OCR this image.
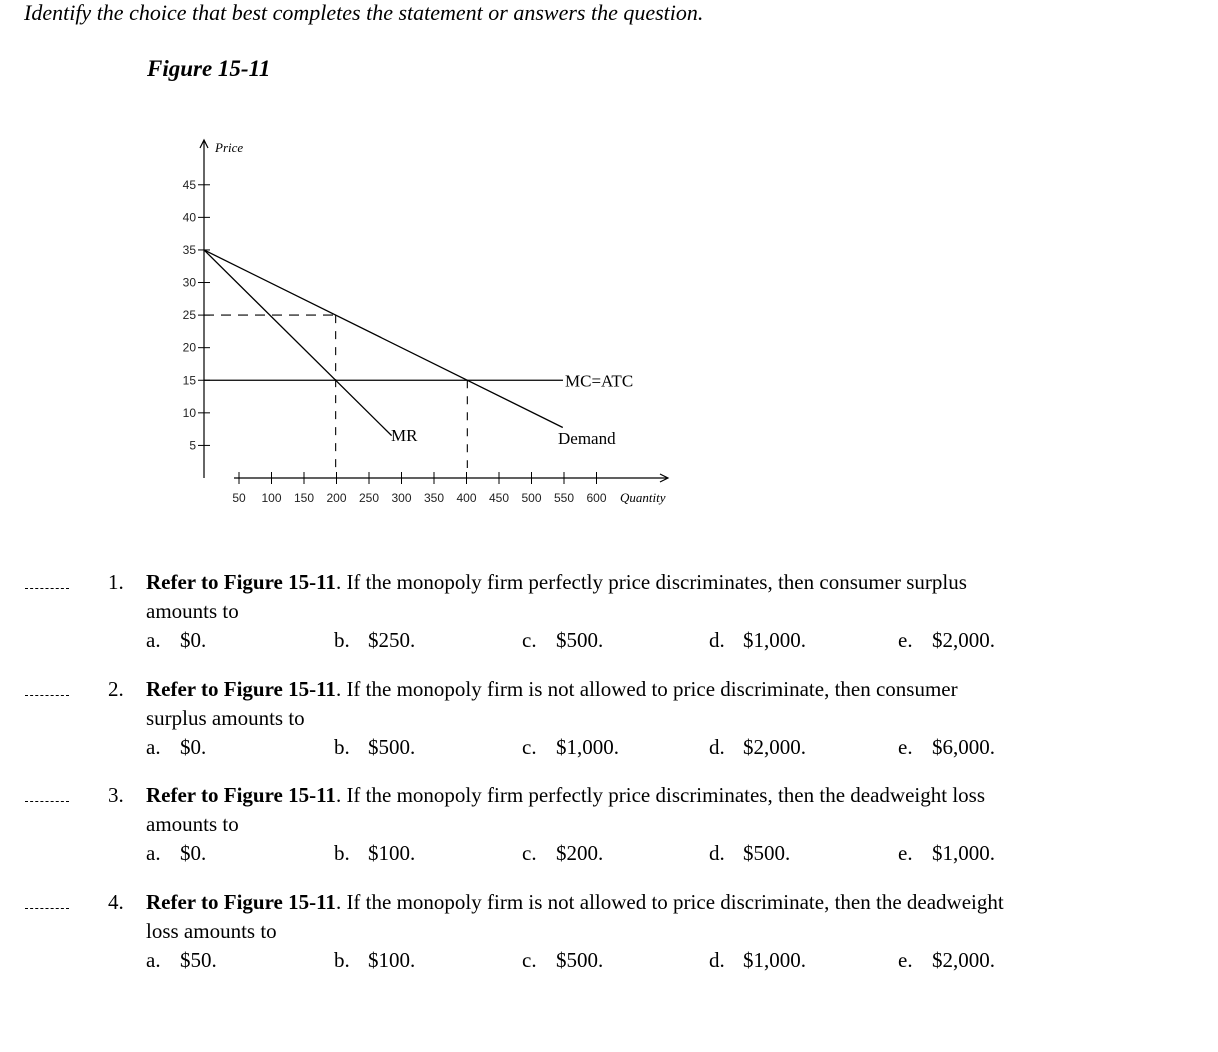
Identify the choice that best completes the statement or answers the question.
Figure 15-11
Price
Quantity
5
10
15
20
25
30
35
40
45
50 100 150 200 250 300 350 400 450 500 550 600
MC=ATC
MR	Demand
1. Refer to Figure 15-11. If the monopoly firm perfectly price discriminates, then consumer surplus
amounts to
a. $0.	b. $250.	c. $500.	d. $1,000.	e. $2,000.
2. Refer to Figure 15-11. If the monopoly firm is not allowed to price discriminate, then consumer
surplus amounts to
a. $0.	b. $500.	c. $1,000.	d. $2,000.	e. $6,000.
3. Refer to Figure 15-11. If the monopoly firm perfectly price discriminates, then the deadweight loss
amounts to
a. $0.	b. $100.	c. $200.	d. $500.	e. $1,000.
4. Refer to Figure 15-11. If the monopoly firm is not allowed to price discriminate, then the deadweight
loss amounts to
a. $50.	b. $100.	c. $500.	d. $1,000.	e. $2,000.
